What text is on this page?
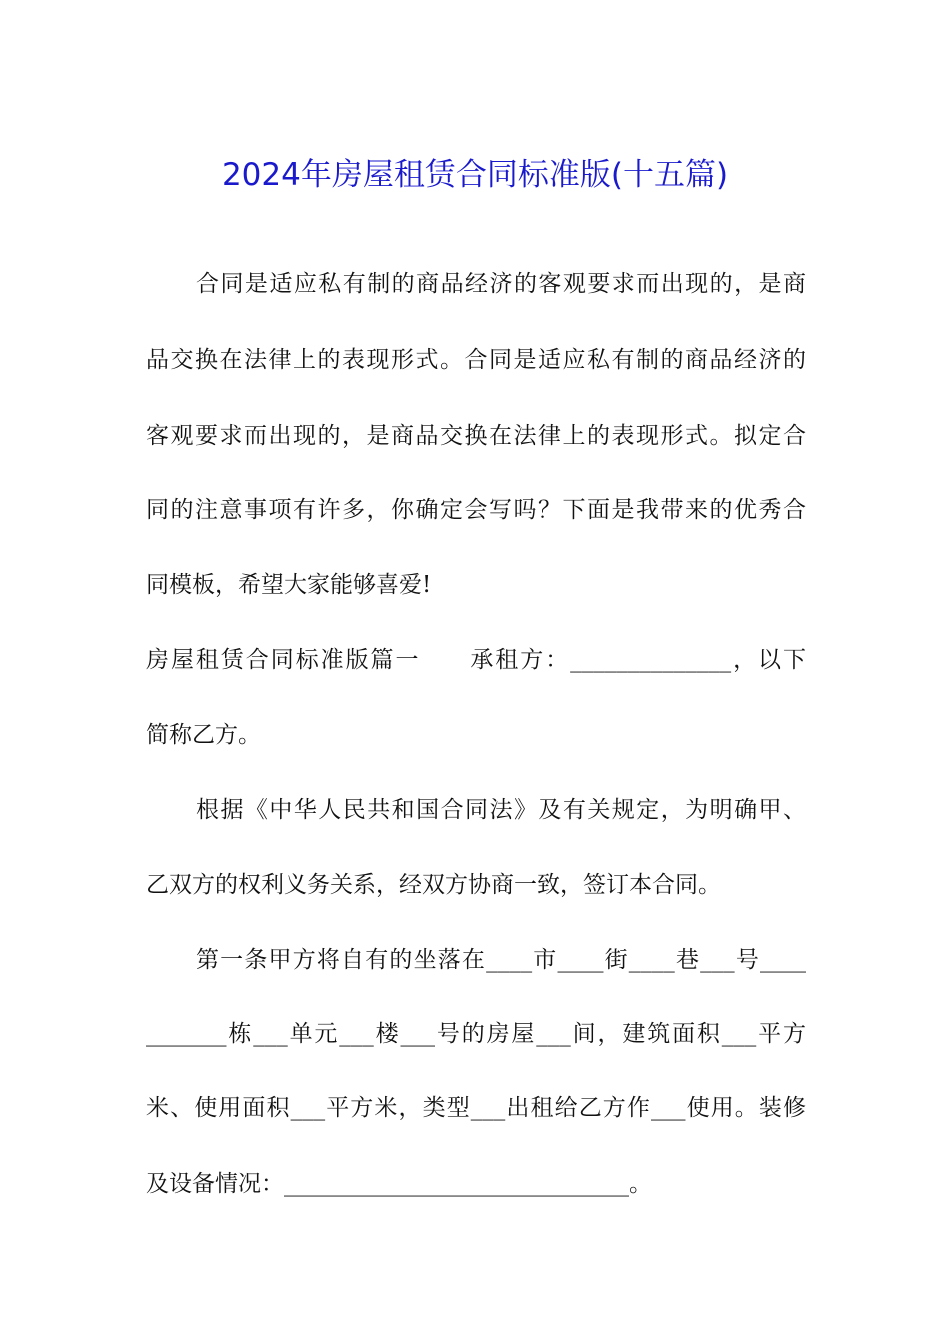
2024年房屋租赁合同标准版(十五篇)
合同是适应私有制的商品经济的客观要求而出现的，是商
品交换在法律上的表现形式。合同是适应私有制的商品经济的
客观要求而出现的，是商品交换在法律上的表现形式。拟定合
同的注意事项有许多，你确定会写吗？下面是我带来的优秀合
同模板，希望大家能够喜爱!
房屋租赁合同标准版篇一　　承租方：______________，以下
简称乙方。
根据《中华人民共和国合同法》及有关规定，为明确甲、
乙双方的权利义务关系，经双方协商一致，签订本合同。
第一条甲方将自有的坐落在____市____街____巷___号____
_______栋___单元___楼___号的房屋___间，建筑面积___平方
米、使用面积___平方米，类型___出租给乙方作___使用。装修
及设备情况：______________________________。
